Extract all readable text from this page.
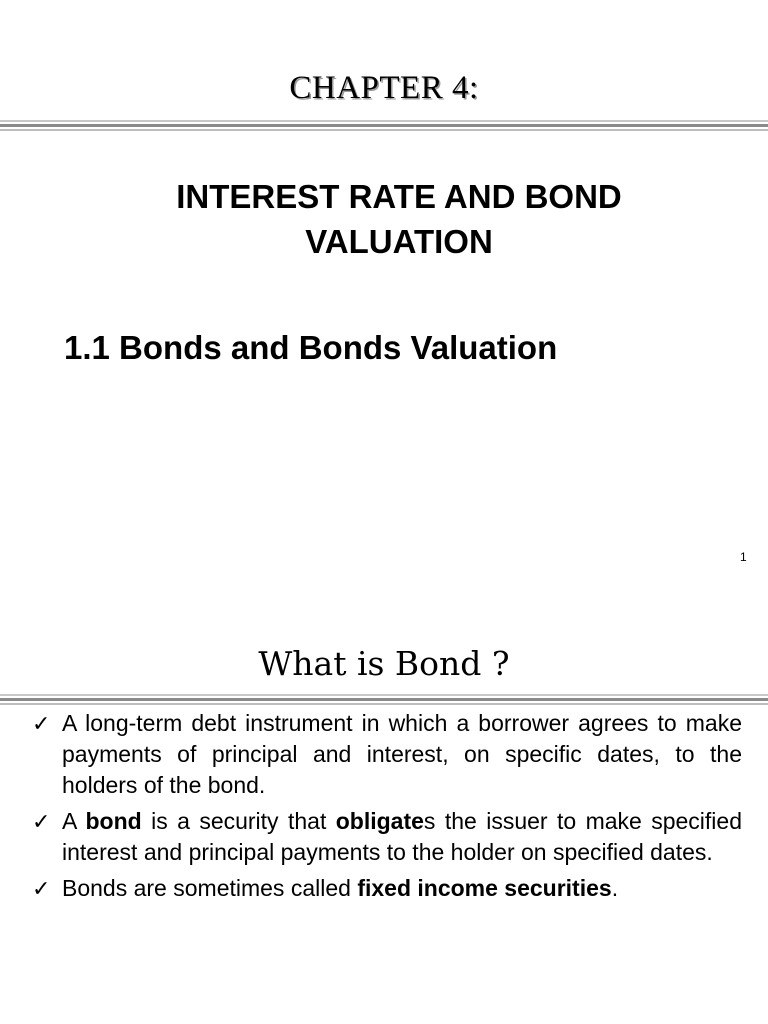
CHAPTER 4:
INTEREST RATE AND BOND VALUATION
1.1 Bonds and Bonds Valuation
1
What is Bond ?
✓ A long-term debt instrument in which a borrower agrees to make payments of principal and interest, on specific dates, to the holders of the bond.
✓ A bond is a security that obligates the issuer to make specified interest and principal payments to the holder on specified dates.
✓ Bonds are sometimes called fixed income securities.
